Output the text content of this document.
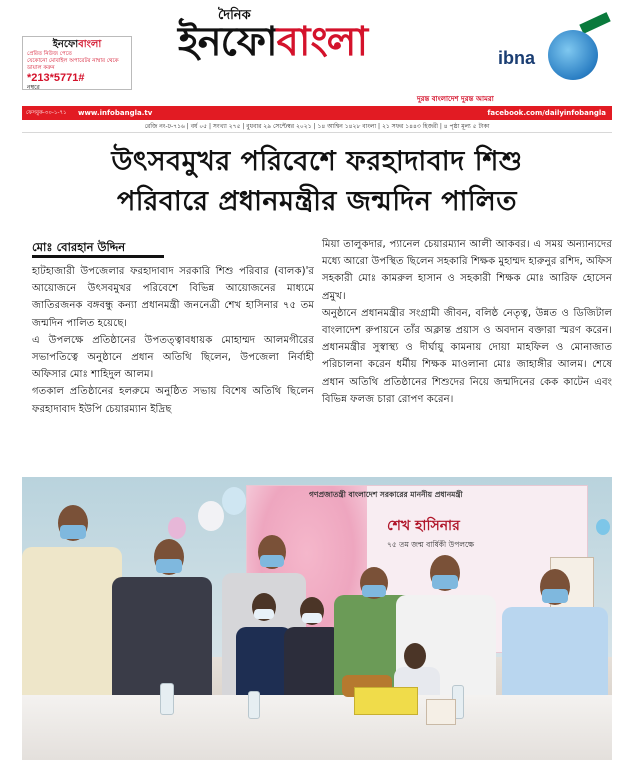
ইনফোবাংলা
প্রেরিত নিউজ পেতে
যেকোনো মোবাইল অপারেটর নাম্বার থেকে ডায়াল করুন
*213*5771#
নম্বরে
দৈনিক
ইনফোবাংলা	ibna
ফেসবুক-৩০-১-৭১ www.infobangla.tv
দুরন্ত বাংলাদেশ দুরন্ত আমরা
facebook.com/dailyinfobangla
রেজি নং-ঢ-৭১৬ | বর্ষ ০৫ | সংখ্যা ২৭৫ | বুধবার ২৯ সেপ্টেম্বর ২০২১ | ১৪ আশ্বিন ১৪২৮ বাংলা | ২১ সফর ১৪৪৩ হিজরী | ৪ পৃষ্ঠা মূল্য ৫ টাকা
উৎসবমুখর পরিবেশে ফরহাদাবাদ শিশু
পরিবারে প্রধানমন্ত্রীর জন্মদিন পালিত
মোঃ বোরহান উদ্দিন

হাটহাজারী উপজেলার ফরহাদাবাদ সরকারি শিশু পরিবার (বালক)'র আয়োজনে উৎসবমুখর পরিবেশে বিভিন্ন আয়োজনের মাধ্যমে জাতিরজনক বঙ্গবন্ধু কন্যা প্রধানমন্ত্রী জননেত্রী শেখ হাসিনার ৭৫ তম জন্মদিন পালিত হয়েছে।

এ উপলক্ষে প্রতিষ্ঠানের উপতত্ত্বাবধায়ক মোহাম্মদ আলমগীরের সভাপতিত্বে অনুষ্ঠানে প্রধান অতিথি ছিলেন, উপজেলা নির্বাহী অফিসার মোঃ শাহিদুল আলম।

গতকাল প্রতিষ্ঠানের হলরুমে অনুষ্ঠিত সভায় বিশেষ অতিথি ছিলেন ফরহাদাবাদ ইউপি চেয়ারম্যান ইদ্রিছ

মিয়া তালুকদার, প্যানেল চেয়ারম্যান আলী আকবর। এ সময় অন্যান্যদের মধ্যে আরো উপস্থিত ছিলেন সহকারি শিক্ষক মুহাম্মদ হারুনুর রশিদ, অফিস সহকারী মোঃ কামরুল হাসান ও সহকারী শিক্ষক মোঃ আরিফ হোসেন প্রমুখ।

অনুষ্ঠানে প্রধানমন্ত্রীর সংগ্রামী জীবন, বলিষ্ঠ নেতৃত্ব, উন্নত ও ডিজিটাল বাংলাদেশ রুপায়নে তাঁর অক্লান্ত প্রয়াস ও অবদান বক্তারা স্মরণ করেন। প্রধানমন্ত্রীর সুস্বাস্থ্য ও দীর্ঘায়ু কামনায় দোয়া মাহফিল ও মোনাজাত পরিচালনা করেন ধর্মীয় শিক্ষক মাওলানা মোঃ জাহাঙ্গীর আলম। শেষে প্রধান অতিথি প্রতিষ্ঠানের শিশুদের নিয়ে জন্মদিনের কেক কাটেন এবং বিভিন্ন ফলজ চারা রোপণ করেন।

গণপ্রজাতন্ত্রী বাংলাদেশ সরকারের মাননীয় প্রধানমন্ত্রী
শেখ হাসিনার
৭৫ তম জন্ম বার্ষিকী উপলক্ষে
